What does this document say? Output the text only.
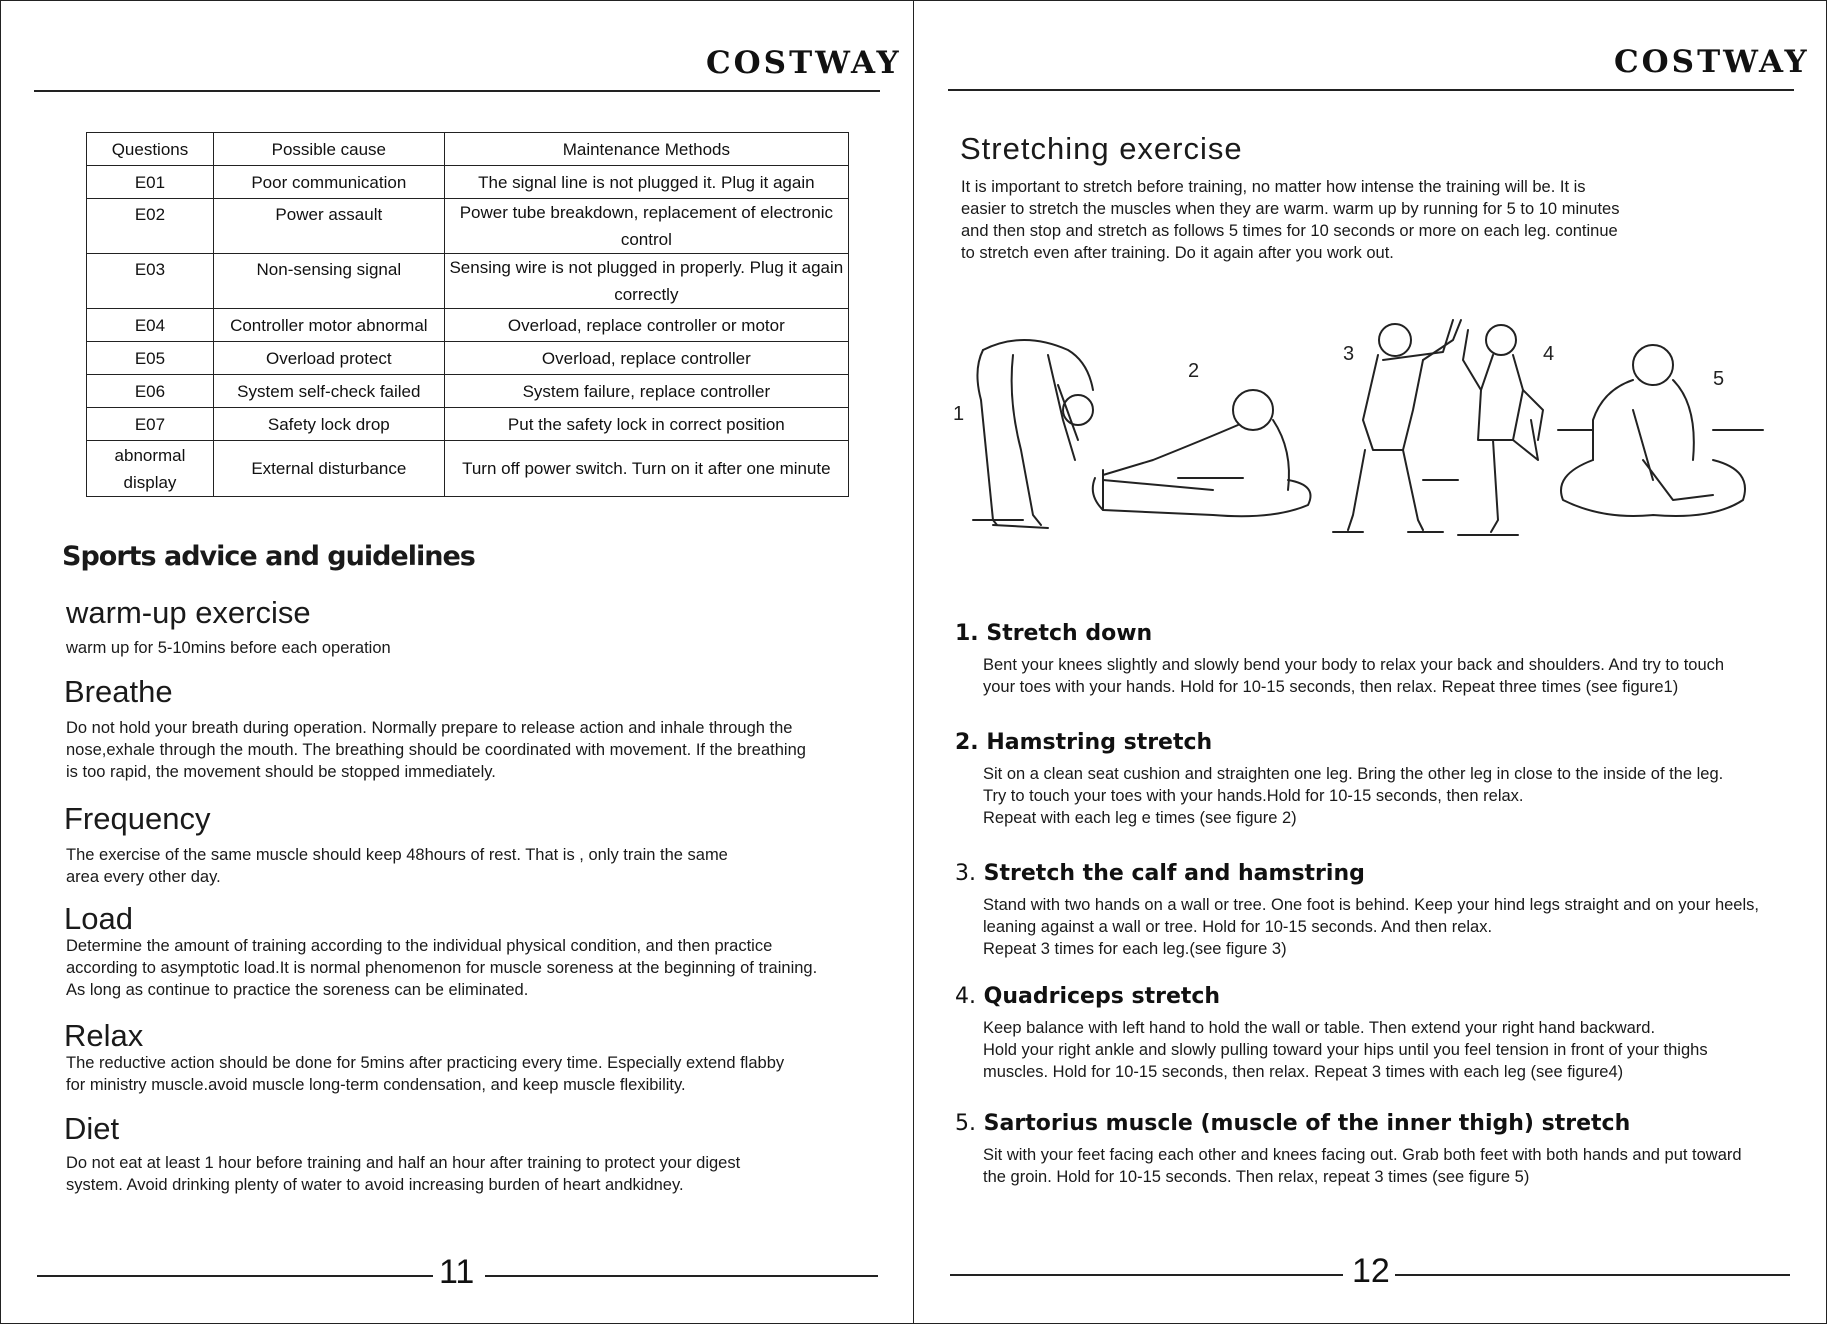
COSTWAY
Questions	Possible cause	Maintenance Methods
E01	Poor communication	The signal line is not plugged it. Plug it again
E02	Power assault	Power tube breakdown, replacement of electronic control
E03	Non-sensing signal	Sensing wire is not plugged in properly. Plug it again correctly
E04	Controller motor abnormal	Overload, replace controller or motor
E05	Overload protect	Overload, replace controller
E06	System self-check failed	System failure, replace controller
E07	Safety lock drop	Put the safety lock in correct position
abnormal display	External disturbance	Turn off power switch. Turn on it after one minute
Sports advice and guidelines
warm-up exercise
warm up for 5-10mins before each operation
Breathe
Do not hold your breath during operation. Normally prepare to release action and inhale through the
nose,exhale through the mouth. The breathing should be coordinated with movement. If the breathing
is too rapid, the movement should be stopped immediately.
Frequency
The exercise of the same muscle should keep 48hours of rest. That is , only train the same
area every other day.
Load
Determine the amount of training according to the individual physical condition, and then practice
according to asymptotic load.It is normal phenomenon for muscle soreness at the beginning of training.
As long as continue to practice the soreness can be eliminated.
Relax
The reductive action should be done for 5mins after practicing every time. Especially extend flabby
for ministry muscle.avoid muscle long-term condensation, and keep muscle flexibility.
Diet
Do not eat at least 1 hour before training and half an hour after training to protect your digest
system. Avoid drinking plenty of water to avoid increasing burden of heart andkidney.
11
COSTWAY
Stretching exercise
It is important to stretch before training, no matter how intense the training will be. It is
easier to stretch the muscles when they are warm. warm up by running for 5 to 10 minutes
and then stop and stretch as follows 5 times for 10 seconds or more on each leg. continue
to stretch even after training. Do it again after you work out.
1
2
3	4
5
1. Stretch down
Bent your knees slightly and slowly bend your body to relax your back and shoulders. And try to touch
your toes with your hands. Hold for 10-15 seconds, then relax. Repeat three times (see figure1)
2. Hamstring stretch
Sit on a clean seat cushion and straighten one leg. Bring the other leg in close to the inside of the leg.
Try to touch your toes with your hands.Hold for 10-15 seconds, then relax.
Repeat with each leg e times (see figure 2)
3. Stretch the calf and hamstring
Stand with two hands on a wall or tree. One foot is behind. Keep your hind legs straight and on your heels,
leaning against a wall or tree. Hold for 10-15 seconds. And then relax.
Repeat 3 times for each leg.(see figure 3)
4. Quadriceps stretch
Keep balance with left hand to hold the wall or table. Then extend your right hand backward.
Hold your right ankle and slowly pulling toward your hips until you feel tension in front of your thighs
muscles. Hold for 10-15 seconds, then relax. Repeat 3 times with each leg (see figure4)
5. Sartorius muscle (muscle of the inner thigh) stretch
Sit with your feet facing each other and knees facing out. Grab both feet with both hands and put toward
the groin. Hold for 10-15 seconds. Then relax, repeat 3 times (see figure 5)
12
